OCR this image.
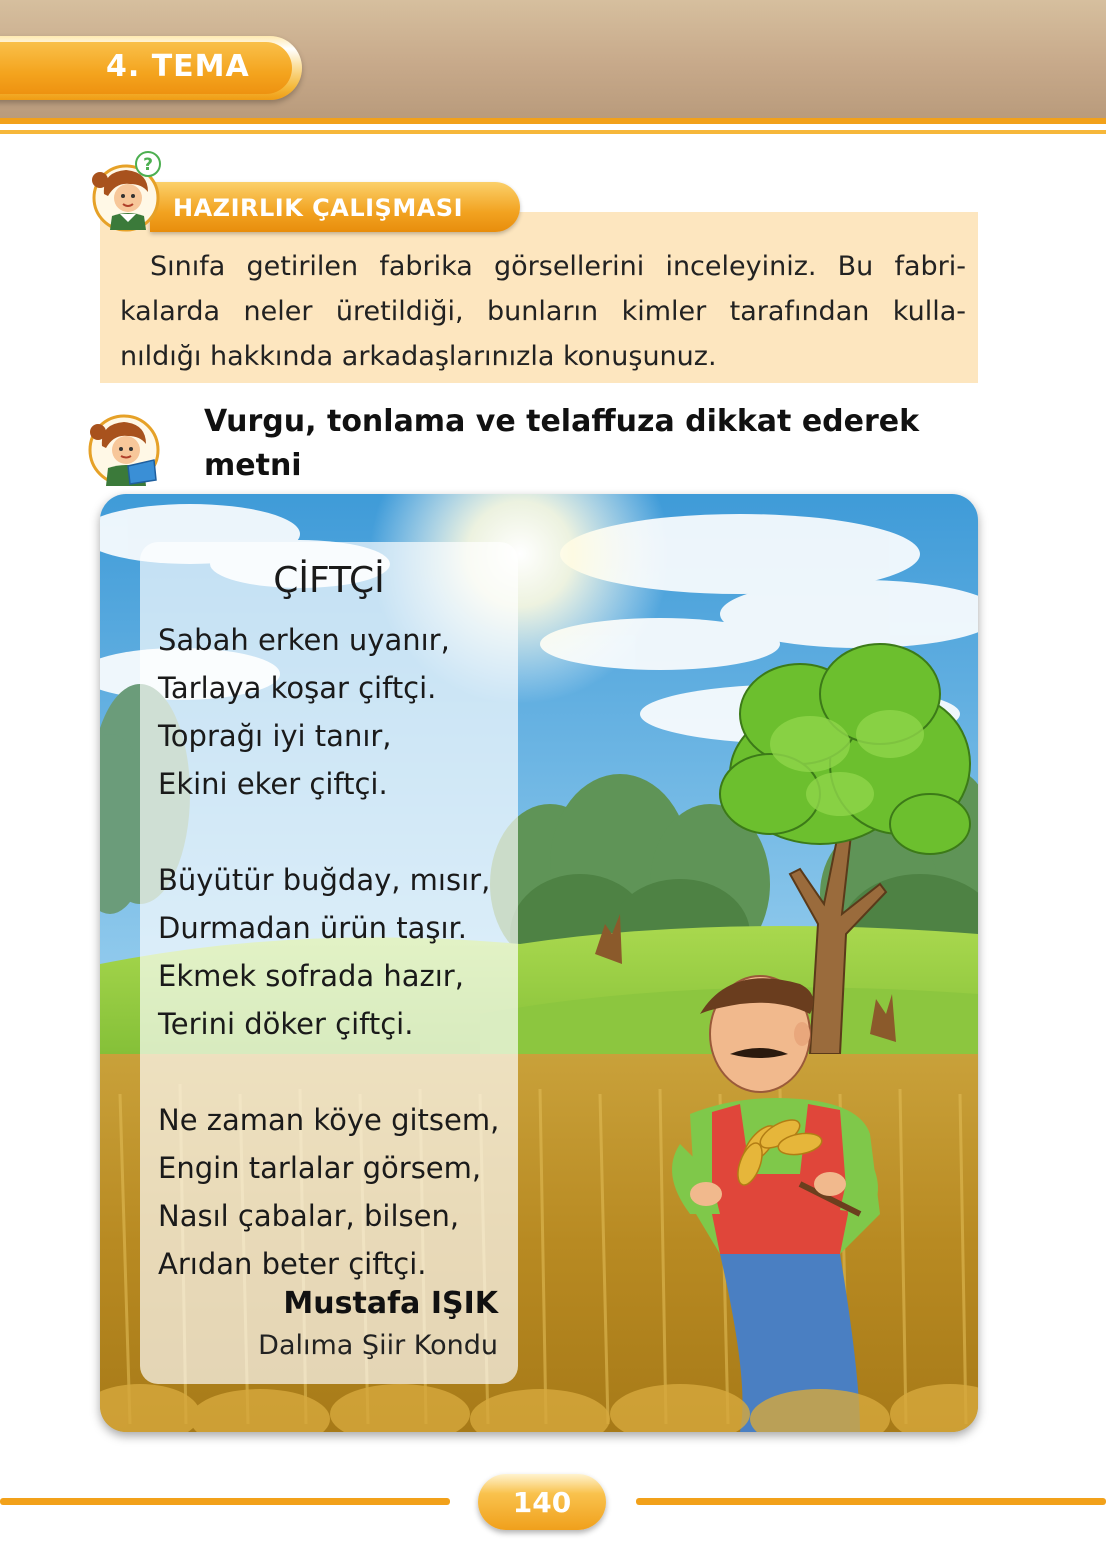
4. TEMA
HAZIRLIK ÇALIŞMASI
?
Sınıfa getirilen fabrika görsellerini inceleyiniz. Bu fabri-
kalarda neler üretildiği, bunların kimler tarafından kulla-
nıldığı hakkında arkadaşlarınızla konuşunuz.
Vurgu, tonlama ve telaffuza dikkat ederek metni
ÇİFTÇİ
Sabah erken uyanır,
Tarlaya koşar çiftçi.
Toprağı iyi tanır,
Ekini eker çiftçi.
Büyütür buğday, mısır,
Durmadan ürün taşır.
Ekmek sofrada hazır,
Terini döker çiftçi.
Ne zaman köye gitsem,
Engin tarlalar görsem,
Nasıl çabalar, bilsen,
Arıdan beter çiftçi.
Mustafa IŞIK
Dalıma Şiir Kondu
140
